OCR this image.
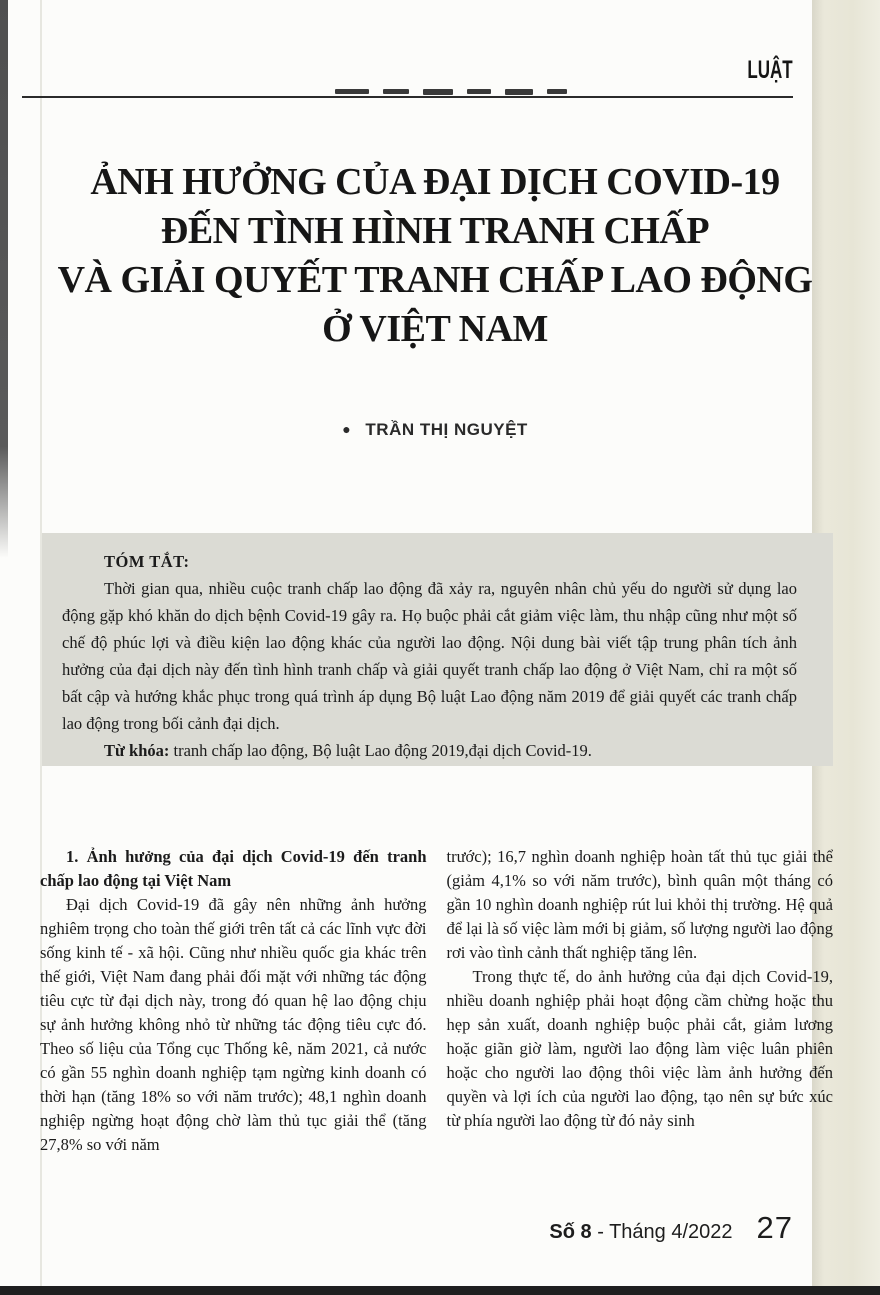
LUẬT
ẢNH HƯỞNG CỦA ĐẠI DỊCH COVID-19
ĐẾN TÌNH HÌNH TRANH CHẤP
VÀ GIẢI QUYẾT TRANH CHẤP LAO ĐỘNG
Ở VIỆT NAM
● TRẦN THỊ NGUYỆT
TÓM TẮT:

Thời gian qua, nhiều cuộc tranh chấp lao động đã xảy ra, nguyên nhân chủ yếu do người sử dụng lao động gặp khó khăn do dịch bệnh Covid-19 gây ra. Họ buộc phải cắt giảm việc làm, thu nhập cũng như một số chế độ phúc lợi và điều kiện lao động khác của người lao động. Nội dung bài viết tập trung phân tích ảnh hưởng của đại dịch này đến tình hình tranh chấp và giải quyết tranh chấp lao động ở Việt Nam, chỉ ra một số bất cập và hướng khắc phục trong quá trình áp dụng Bộ luật Lao động năm 2019 để giải quyết các tranh chấp lao động trong bối cảnh đại dịch.

Từ khóa: tranh chấp lao động, Bộ luật Lao động 2019,đại dịch Covid-19.

1. Ảnh hưởng của đại dịch Covid-19 đến tranh chấp lao động tại Việt Nam

Đại dịch Covid-19 đã gây nên những ảnh hưởng nghiêm trọng cho toàn thế giới trên tất cả các lĩnh vực đời sống kinh tế - xã hội. Cũng như nhiều quốc gia khác trên thế giới, Việt Nam đang phải đối mặt với những tác động tiêu cực từ đại dịch này, trong đó quan hệ lao động chịu sự ảnh hưởng không nhỏ từ những tác động tiêu cực đó. Theo số liệu của Tổng cục Thống kê, năm 2021, cả nước có gần 55 nghìn doanh nghiệp tạm ngừng kinh doanh có thời hạn (tăng 18% so với năm trước); 48,1 nghìn doanh nghiệp ngừng hoạt động chờ làm thủ tục giải thể (tăng 27,8% so với năm

trước); 16,7 nghìn doanh nghiệp hoàn tất thủ tục giải thể (giảm 4,1% so với năm trước), bình quân một tháng có gần 10 nghìn doanh nghiệp rút lui khỏi thị trường. Hệ quả để lại là số việc làm mới bị giảm, số lượng người lao động rơi vào tình cảnh thất nghiệp tăng lên.

Trong thực tế, do ảnh hưởng của đại dịch Covid-19, nhiều doanh nghiệp phải hoạt động cầm chừng hoặc thu hẹp sản xuất, doanh nghiệp buộc phải cắt, giảm lương hoặc giãn giờ làm, người lao động làm việc luân phiên hoặc cho người lao động thôi việc làm ảnh hưởng đến quyền và lợi ích của người lao động, tạo nên sự bức xúc từ phía người lao động từ đó nảy sinh

Số 8 - Tháng 4/2022 27
